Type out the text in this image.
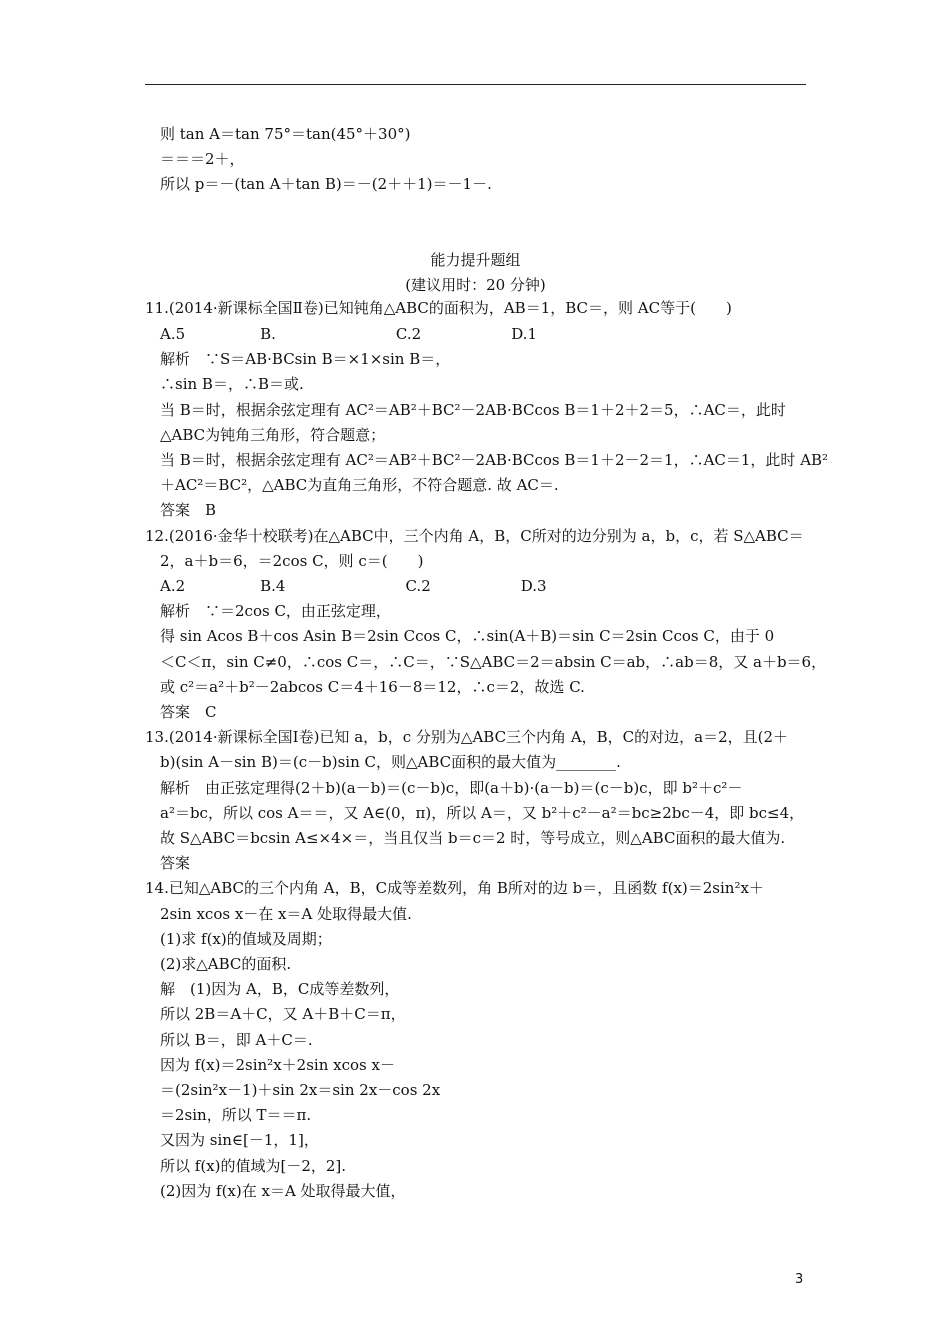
则 tan A＝tan 75°＝tan(45°＋30°)
＝＝＝2＋，
所以 p＝－(tan A＋tan B)＝－(2＋＋1)＝－1－.
能力提升题组
(建议用时：20 分钟)
11.(2014·新课标全国Ⅱ卷)已知钝角△ABC的面积为，AB＝1，BC＝，则 AC等于(　　)
　A.5　　　　　B.　　　　　　　　C.2　　　　　　D.1
　解析　∵S＝AB·BCsin B＝×1×sin B＝，
　∴sin B＝，∴B＝或.
　当 B＝时，根据余弦定理有 AC²＝AB²＋BC²－2AB·BCcos B＝1＋2＋2＝5，∴AC＝，此时
　△ABC为钝角三角形，符合题意；
　当 B＝时，根据余弦定理有 AC²＝AB²＋BC²－2AB·BCcos B＝1＋2－2＝1，∴AC＝1，此时 AB²
　＋AC²＝BC²，△ABC为直角三角形，不符合题意. 故 AC＝.
　答案　B
12.(2016·金华十校联考)在△ABC中，三个内角 A，B，C所对的边分别为 a，b，c，若 S△ABC＝
　2，a＋b＝6，＝2cos C，则 c＝(　　)
　A.2　　　　　B.4　　　　　　　　C.2　　　　　　D.3
　解析　∵＝2cos C，由正弦定理，
　得 sin Acos B＋cos Asin B＝2sin Ccos C，∴sin(A＋B)＝sin C＝2sin Ccos C，由于 0
　＜C＜π，sin C≠0，∴cos C＝，∴C＝，∵S△ABC＝2＝absin C＝ab，∴ab＝8，又 a＋b＝6，
　或 c²＝a²＋b²－2abcos C＝4＋16－8＝12，∴c＝2，故选 C.
　答案　C
13.(2014·新课标全国Ⅰ卷)已知 a，b，c 分别为△ABC三个内角 A，B，C的对边，a＝2，且(2＋
　b)(sin A－sin B)＝(c－b)sin C，则△ABC面积的最大值为________.
　解析　由正弦定理得(2＋b)(a－b)＝(c－b)c，即(a＋b)·(a－b)＝(c－b)c，即 b²＋c²－
　a²＝bc，所以 cos A＝＝，又 A∈(0，π)，所以 A＝，又 b²＋c²－a²＝bc≥2bc－4，即 bc≤4，
　故 S△ABC＝bcsin A≤×4×＝，当且仅当 b＝c＝2 时，等号成立，则△ABC面积的最大值为.
　答案
14.已知△ABC的三个内角 A，B，C成等差数列，角 B所对的边 b＝，且函数 f(x)＝2sin²x＋
　2sin xcos x－在 x＝A 处取得最大值.
　(1)求 f(x)的值域及周期；
　(2)求△ABC的面积.
　解　(1)因为 A，B，C成等差数列，
　所以 2B＝A＋C，又 A＋B＋C＝π，
　所以 B＝，即 A＋C＝.
　因为 f(x)＝2sin²x＋2sin xcos x－
　＝(2sin²x－1)＋sin 2x＝sin 2x－cos 2x
　＝2sin，所以 T＝＝π.
　又因为 sin∈[－1，1]，
　所以 f(x)的值域为[－2，2].
　(2)因为 f(x)在 x＝A 处取得最大值，
3
